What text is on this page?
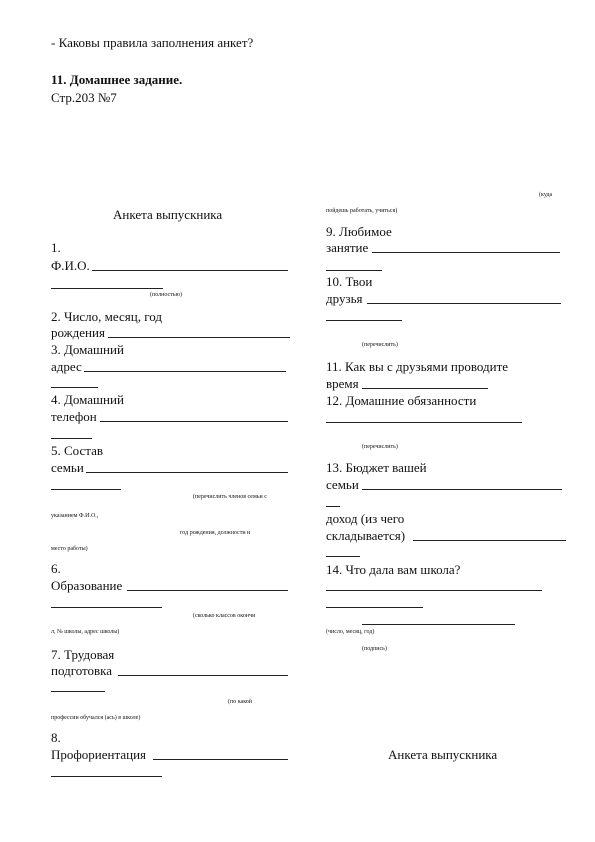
- Каковы правила заполнения анкет?
11. Домашнее задание.
Стр.203 №7
Анкета выпускника
1.
Ф.И.О.
(полностью)
2. Число, месяц, год
рождения
3. Домашний
адрес
4. Домашний
телефон
5. Состав
семьи
(перечислить членов семьи с
указанием Ф.И.О.,
год рождения, должности и
место работы)
6.
Образование
(сколько классов окончи
л, № школы, адрес школы)
7. Трудовая
подготовка
(по какой
профессии обучался (ась) в школе)
8.
Профориентация
(куда
пойдешь работать, учиться)
9. Любимое
занятие
10. Твои
друзья
(перечислить)
11. Как вы с друзьями проводите
время
12. Домашние обязанности
(перечислить)
13. Бюджет вашей
семьи
доход (из чего
складывается)
14. Что дала вам школа?
(число, месяц, год)
(подпись)
Анкета выпускника
